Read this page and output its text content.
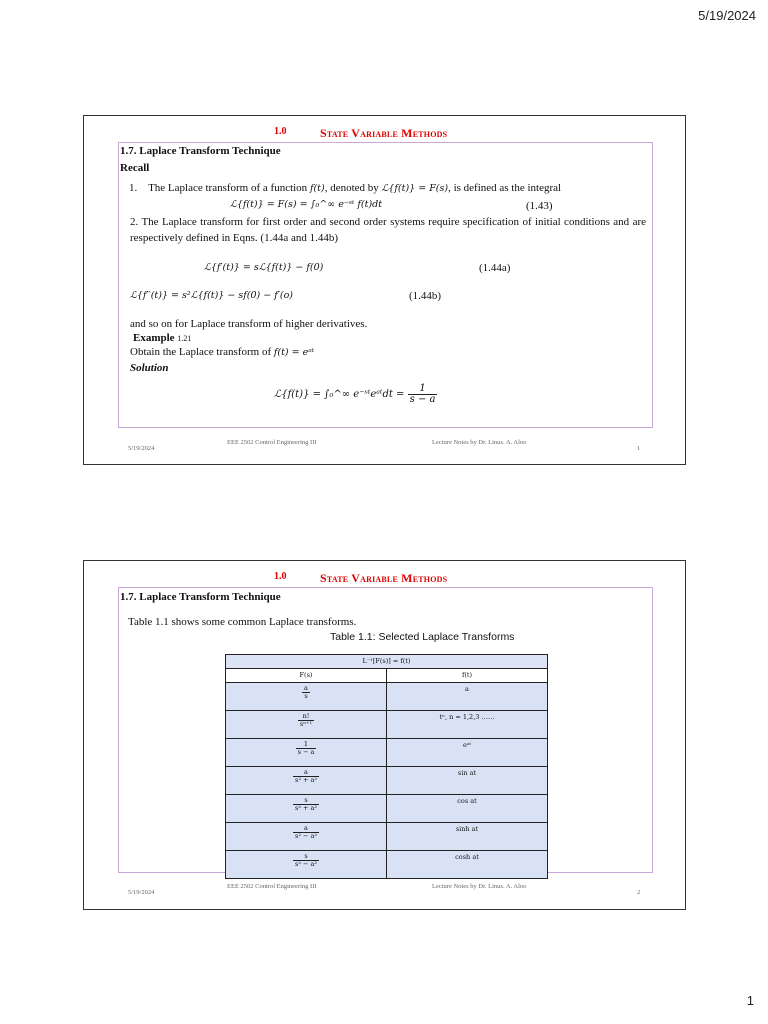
5/19/2024
1.0	State Variable Methods
1.7. Laplace Transform Technique
Recall
1. The Laplace transform of a function f(t), denoted by ℒ{f(t)} = F(s), is defined as the integral
ℒ{f(t)} = F(s) = ∫₀^∞ e⁻ˢᵗ f(t)dt	(1.43)
2. The Laplace transform for first order and second order systems require specification of initial conditions and are respectively defined in Eqns. (1.44a and 1.44b)
ℒ{f′(t)} = sℒ{f(t)} − f(0)	(1.44a)
ℒ{f′′(t)} = s²ℒ{f(t)} − sf(0) − f′(o)	(1.44b)
and so on for Laplace transform of higher derivatives.
Example 1.21
Obtain the Laplace transform of f(t) = eᵃᵗ
Solution
ℒ{f(t)} = ∫₀^∞ e⁻ˢᵗeᵃᵗdt = $\frac{1}{s - a}$
5/19/2024
EEE 2502 Control Engineering III	Lecture Notes by Dr. Linus. A. Aloo
1
1.0	State Variable Methods
1.7. Laplace Transform Technique
Table 1.1 shows some common Laplace transforms.
Table 1.1: Selected Laplace Transforms
L⁻¹[F(s)] = f(t)	
F(s)	f(t)

$\frac{a}{s}$	a

$\frac{n!}{\text{sⁿ⁺¹}}$	tⁿ, n = 1,2,3 ……

$\frac{1}{s - a}$	eᵃᵗ

$\frac{a}{\text{s² + a²}}$	sin at

$\frac{s}{\text{s² + a²}}$	cos at

$\frac{a}{\text{s² − a²}}$	sinh at

$\frac{s}{\text{s² − a²}}$	cosh at
5/19/2024
EEE 2502 Control Engineering III	Lecture Notes by Dr. Linus. A. Aloo
2
1
